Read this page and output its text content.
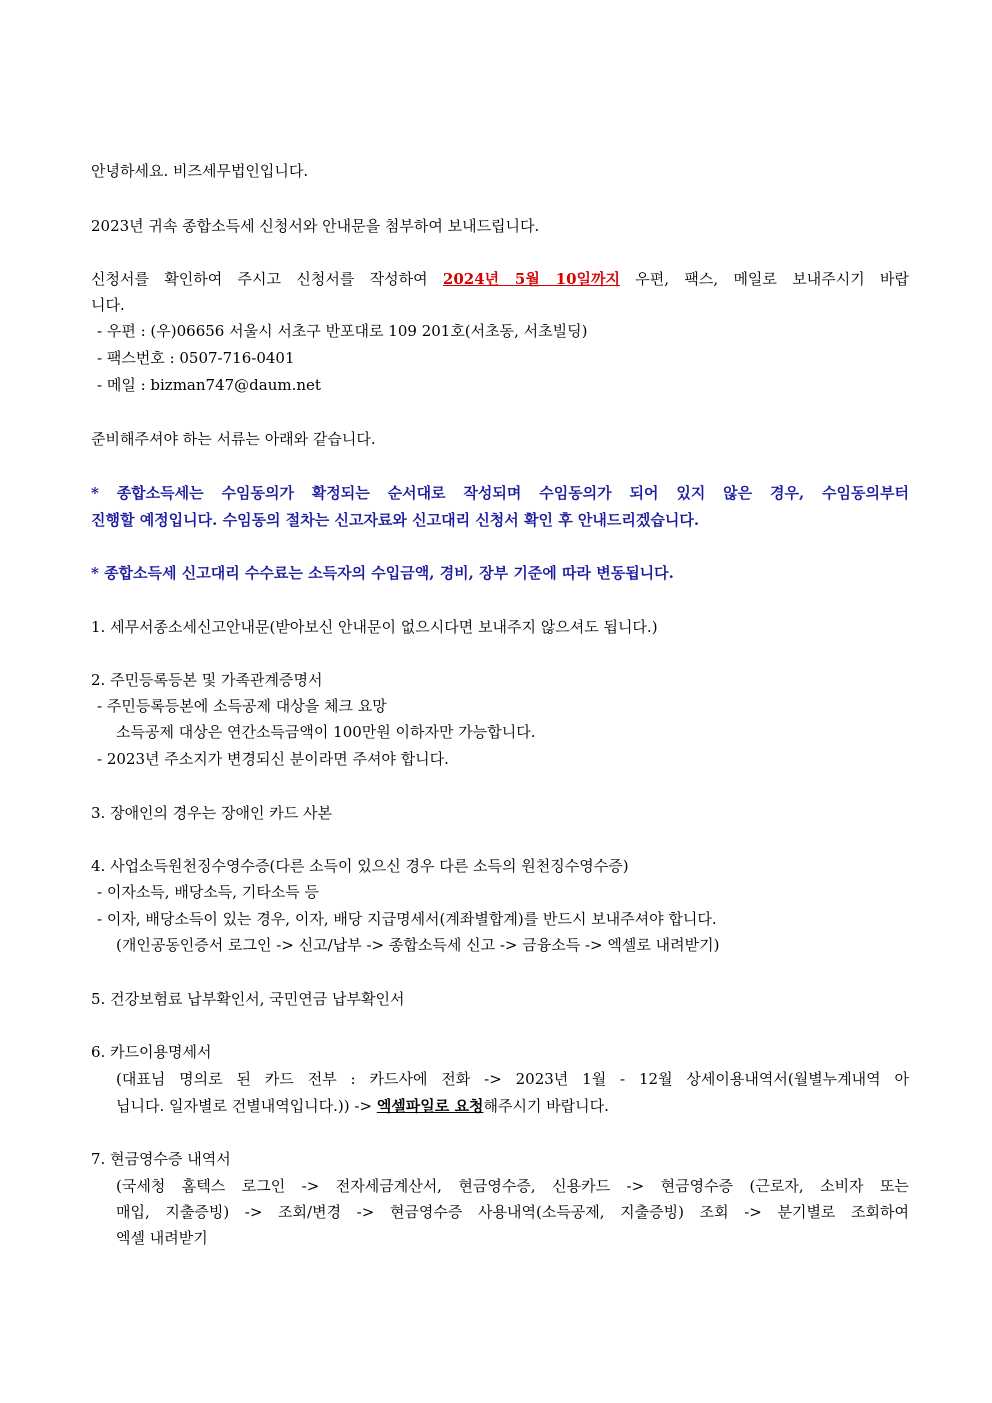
안녕하세요. 비즈세무법인입니다.
2023년 귀속 종합소득세 신청서와 안내문을 첨부하여 보내드립니다.
신청서를 확인하여 주시고 신청서를 작성하여 2024년 5월 10일까지 우편, 팩스, 메일로 보내주시기 바랍
니다.
- 우편 : (우)06656 서울시 서초구 반포대로 109 201호(서초동, 서초빌딩)
- 팩스번호 : 0507-716-0401
- 메일 : bizman747@daum.net
준비해주셔야 하는 서류는 아래와 같습니다.
* 종합소득세는 수임동의가 확정되는 순서대로 작성되며 수임동의가 되어 있지 않은 경우, 수임동의부터
진행할 예정입니다. 수임동의 절차는 신고자료와 신고대리 신청서 확인 후 안내드리겠습니다.
* 종합소득세 신고대리 수수료는 소득자의 수입금액, 경비, 장부 기준에 따라 변동됩니다.
1. 세무서종소세신고안내문(받아보신 안내문이 없으시다면 보내주지 않으셔도 됩니다.)
2. 주민등록등본 및 가족관계증명서
- 주민등록등본에 소득공제 대상을 체크 요망
소득공제 대상은 연간소득금액이 100만원 이하자만 가능합니다.
- 2023년 주소지가 변경되신 분이라면 주셔야 합니다.
3. 장애인의 경우는 장애인 카드 사본
4. 사업소득원천징수영수증(다른 소득이 있으신 경우 다른 소득의 원천징수영수증)
- 이자소득, 배당소득, 기타소득 등
- 이자, 배당소득이 있는 경우, 이자, 배당 지급명세서(계좌별합계)를 반드시 보내주셔야 합니다.
(개인공동인증서 로그인 -> 신고/납부 -> 종합소득세 신고 -> 금융소득 -> 엑셀로 내려받기)
5. 건강보험료 납부확인서, 국민연금 납부확인서
6. 카드이용명세서
(대표님 명의로 된 카드 전부 : 카드사에 전화 -> 2023년 1월 - 12월 상세이용내역서(월별누계내역 아
닙니다. 일자별로 건별내역입니다.)) -> 엑셀파일로 요청해주시기 바랍니다.
7. 현금영수증 내역서
(국세청 홈텍스 로그인 -> 전자세금계산서, 현금영수증, 신용카드 -> 현금영수증 (근로자, 소비자 또는
매입, 지출증빙) -> 조회/변경 -> 현금영수증 사용내역(소득공제, 지출증빙) 조회 -> 분기별로 조회하여
엑셀 내려받기
